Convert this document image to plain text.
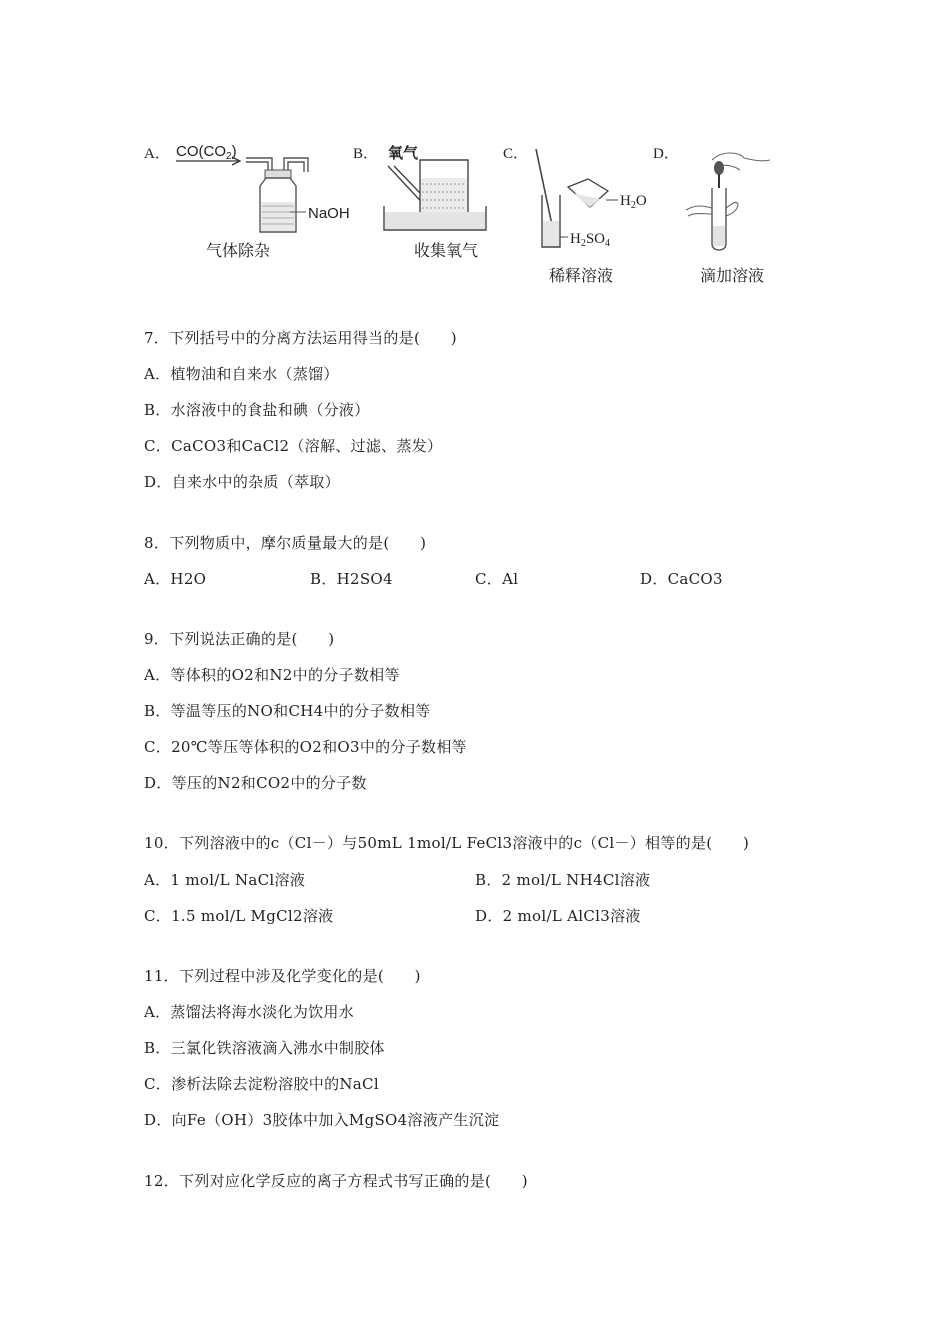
A．	B．	C．	D．
$CO(CO_2)$
NaOH
气体除杂
氧气
收集氧气
$H_2O$
$H_2SO_4$
稀释溶液	滴加溶液
7．下列括号中的分离方法运用得当的是(　　)
A．植物油和自来水（蒸馏）
B．水溶液中的食盐和碘（分液）
C．CaCO3和CaCl2（溶解、过滤、蒸发）
D．自来水中的杂质（萃取）
8．下列物质中，摩尔质量最大的是(　　)
A．H2O	B．H2SO4	C．Al	D．CaCO3
9．下列说法正确的是(　　)
A．等体积的O2和N2中的分子数相等
B．等温等压的NO和CH4中的分子数相等
C．20℃等压等体积的O2和O3中的分子数相等
D．等压的N2和CO2中的分子数
10．下列溶液中的c（Cl－）与50mL 1mol/L FeCl3溶液中的c（Cl－）相等的是(　　)
A．1 mol/L NaCl溶液	B．2 mol/L NH4Cl溶液
C．1.5 mol/L MgCl2溶液	D．2 mol/L AlCl3溶液
11．下列过程中涉及化学变化的是(　　)
A．蒸馏法将海水淡化为饮用水
B．三氯化铁溶液滴入沸水中制胶体
C．渗析法除去淀粉溶胶中的NaCl
D．向Fe（OH）3胶体中加入MgSO4溶液产生沉淀
12．下列对应化学反应的离子方程式书写正确的是(　　)
